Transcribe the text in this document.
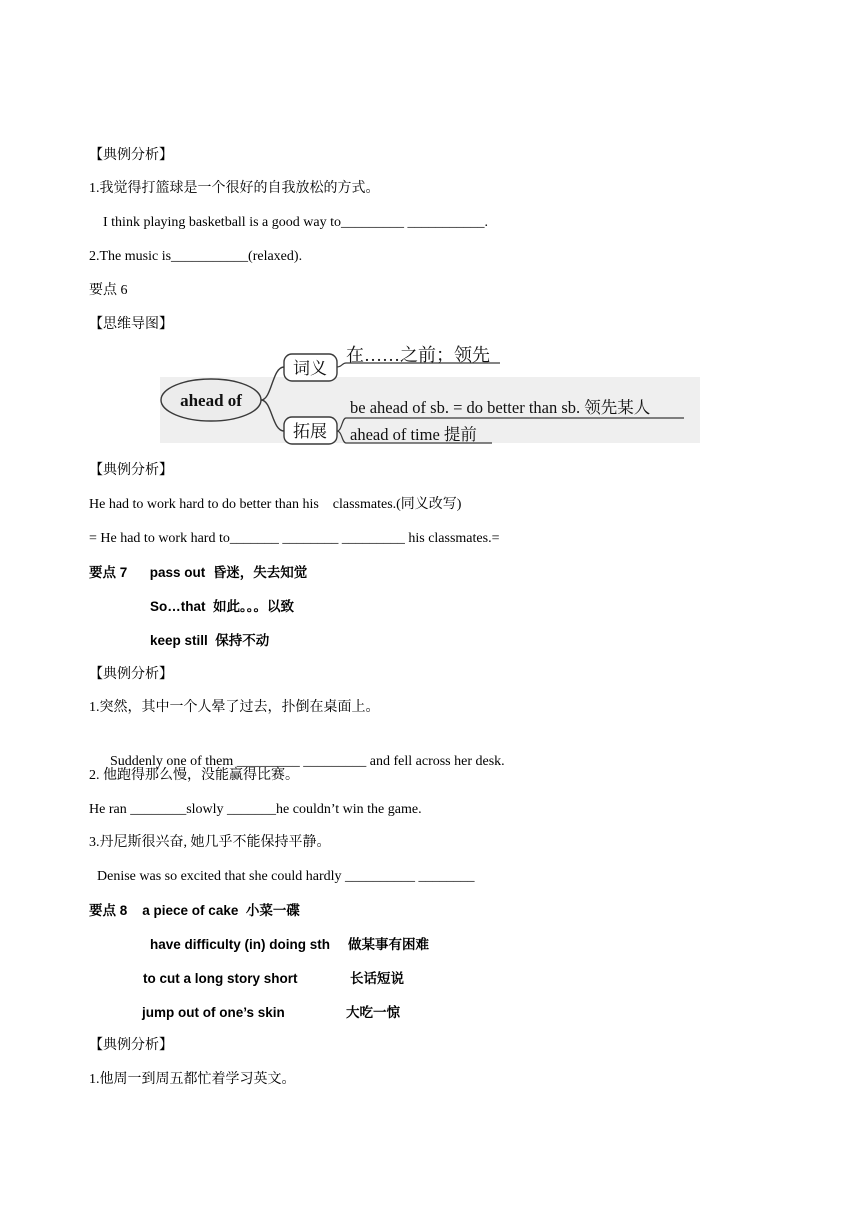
【典例分析】
1.我觉得打篮球是一个很好的自我放松的方式。
I think playing basketball is a good way to_________ ___________.
2.The music is___________(relaxed).
要点 6
【思维导图】
ahead of
词义
拓展
在……之前；领先
be ahead of sb. = do better than sb. 领先某人
ahead of time 提前
【典例分析】
He had to work hard to do better than his    classmates.(同义改写)
= He had to work hard to_______ ________ _________ his classmates.=
要点 7 pass out  昏迷，失去知觉
So…that  如此。。。以致
keep still  保持不动
【典例分析】
1.突然，其中一个人晕了过去，扑倒在桌面上。

Suddenly one of them _________ _________ and fell across her desk.

2. 他跑得那么慢，没能赢得比赛。
He ran ________slowly _______he couldn’t win the game.
3.丹尼斯很兴奋, 她几乎不能保持平静。
Denise was so excited that she could hardly __________ ________
要点 8 a piece of cake  小菜一碟
have difficulty (in) doing sth 做某事有困难
to cut a long story short	长话短说
jump out of one’s skin	大吃一惊
【典例分析】
1.他周一到周五都忙着学习英文。
